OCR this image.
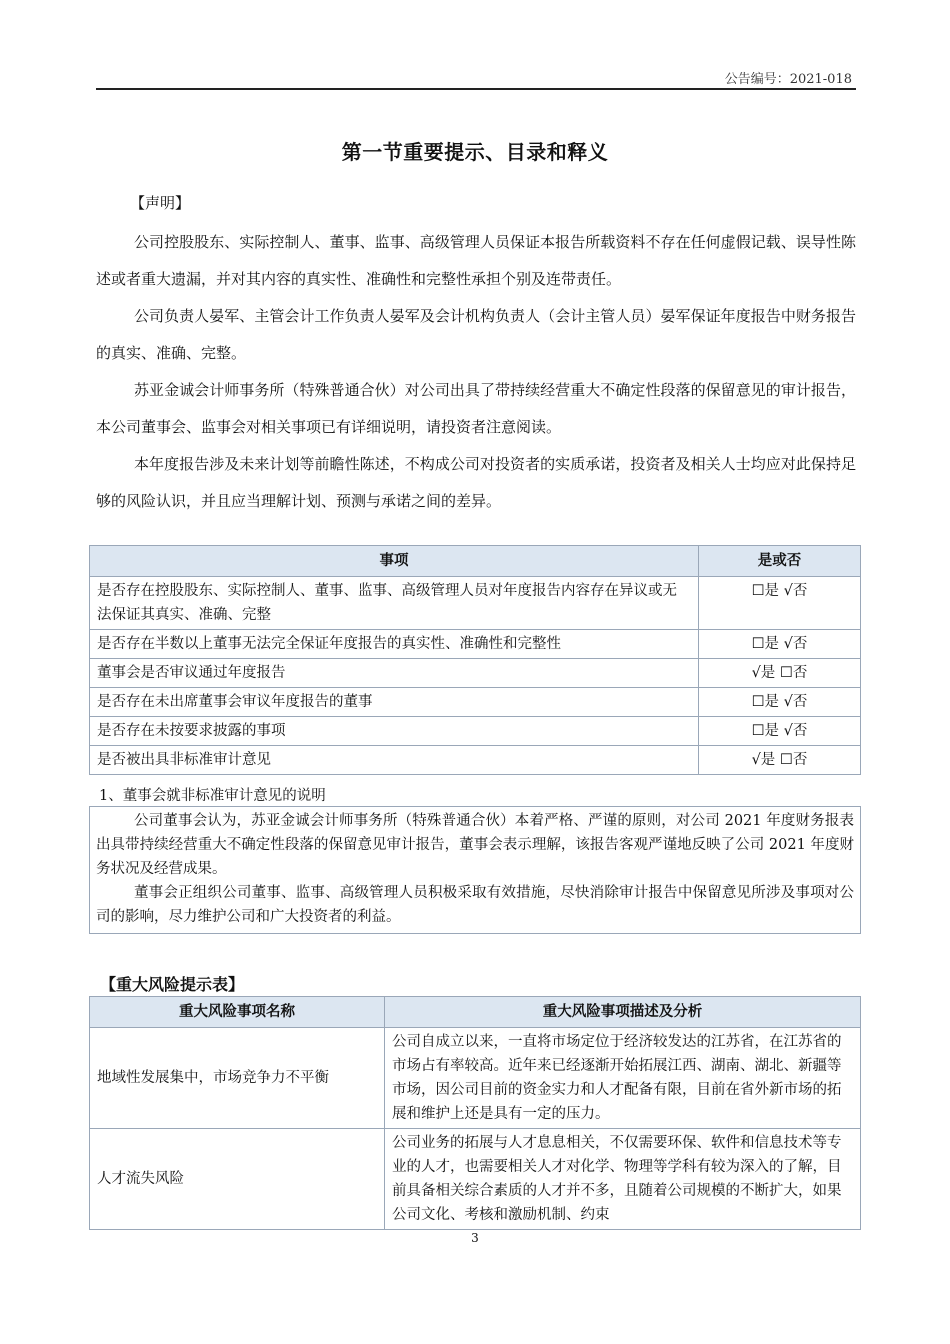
公告编号：2021-018
第一节重要提示、目录和释义
【声明】
公司控股股东、实际控制人、董事、监事、高级管理人员保证本报告所载资料不存在任何虚假记载、误导性陈述或者重大遗漏，并对其内容的真实性、准确性和完整性承担个别及连带责任。
公司负责人晏军、主管会计工作负责人晏军及会计机构负责人（会计主管人员）晏军保证年度报告中财务报告的真实、准确、完整。
苏亚金诚会计师事务所（特殊普通合伙）对公司出具了带持续经营重大不确定性段落的保留意见的审计报告，本公司董事会、监事会对相关事项已有详细说明，请投资者注意阅读。
本年度报告涉及未来计划等前瞻性陈述，不构成公司对投资者的实质承诺，投资者及相关人士均应对此保持足够的风险认识，并且应当理解计划、预测与承诺之间的差异。
事项	是或否
是否存在控股股东、实际控制人、董事、监事、高级管理人员对年度报告内容存在异议或无法保证其真实、准确、完整	☐是 √否
是否存在半数以上董事无法完全保证年度报告的真实性、准确性和完整性	☐是 √否
董事会是否审议通过年度报告	√是 ☐否
是否存在未出席董事会审议年度报告的董事	☐是 √否
是否存在未按要求披露的事项	☐是 √否
是否被出具非标准审计意见	√是 ☐否
1、董事会就非标准审计意见的说明

公司董事会认为，苏亚金诚会计师事务所（特殊普通合伙）本着严格、严谨的原则，对公司 2021 年度财务报表出具带持续经营重大不确定性段落的保留意见审计报告，董事会表示理解，该报告客观严谨地反映了公司 2021 年度财务状况及经营成果。

董事会正组织公司董事、监事、高级管理人员积极采取有效措施，尽快消除审计报告中保留意见所涉及事项对公司的影响，尽力维护公司和广大投资者的利益。

【重大风险提示表】
重大风险事项名称	重大风险事项描述及分析
地域性发展集中，市场竞争力不平衡	公司自成立以来，一直将市场定位于经济较发达的江苏省，在江苏省的市场占有率较高。近年来已经逐渐开始拓展江西、湖南、湖北、新疆等市场，因公司目前的资金实力和人才配备有限，目前在省外新市场的拓展和维护上还是具有一定的压力。
人才流失风险	公司业务的拓展与人才息息相关，不仅需要环保、软件和信息技术等专业的人才，也需要相关人才对化学、物理等学科有较为深入的了解，目前具备相关综合素质的人才并不多，且随着公司规模的不断扩大，如果公司文化、考核和激励机制、约束
3
